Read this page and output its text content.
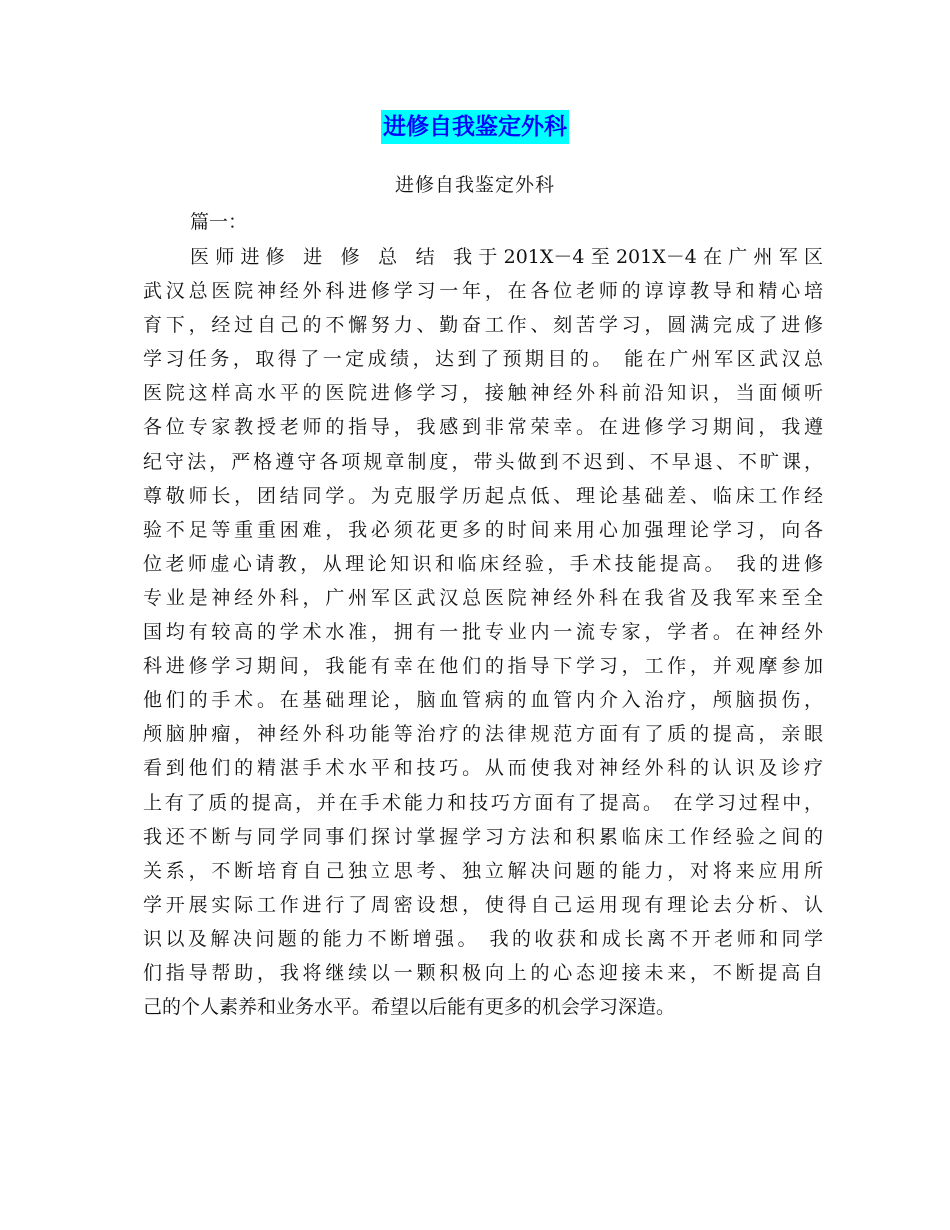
进修自我鉴定外科
进修自我鉴定外科
篇一：
医师进修 进 修 总 结 我于201X－4至201X－4在广州军区
武汉总医院神经外科进修学习一年，在各位老师的谆谆教导和精心培
育下，经过自己的不懈努力、勤奋工作、刻苦学习，圆满完成了进修
学习任务，取得了一定成绩，达到了预期目的。 能在广州军区武汉总
医院这样高水平的医院进修学习，接触神经外科前沿知识，当面倾听
各位专家教授老师的指导，我感到非常荣幸。在进修学习期间，我遵
纪守法，严格遵守各项规章制度，带头做到不迟到、不早退、不旷课，
尊敬师长，团结同学。为克服学历起点低、理论基础差、临床工作经
验不足等重重困难，我必须花更多的时间来用心加强理论学习，向各
位老师虚心请教，从理论知识和临床经验，手术技能提高。 我的进修
专业是神经外科，广州军区武汉总医院神经外科在我省及我军来至全
国均有较高的学术水准，拥有一批专业内一流专家，学者。在神经外
科进修学习期间，我能有幸在他们的指导下学习，工作，并观摩参加
他们的手术。在基础理论，脑血管病的血管内介入治疗，颅脑损伤，
颅脑肿瘤，神经外科功能等治疗的法律规范方面有了质的提高，亲眼
看到他们的精湛手术水平和技巧。从而使我对神经外科的认识及诊疗
上有了质的提高，并在手术能力和技巧方面有了提高。 在学习过程中，
我还不断与同学同事们探讨掌握学习方法和积累临床工作经验之间的
关系，不断培育自己独立思考、独立解决问题的能力，对将来应用所
学开展实际工作进行了周密设想，使得自己运用现有理论去分析、认
识以及解决问题的能力不断增强。 我的收获和成长离不开老师和同学
们指导帮助，我将继续以一颗积极向上的心态迎接未来，不断提高自
己的个人素养和业务水平。希望以后能有更多的机会学习深造。
